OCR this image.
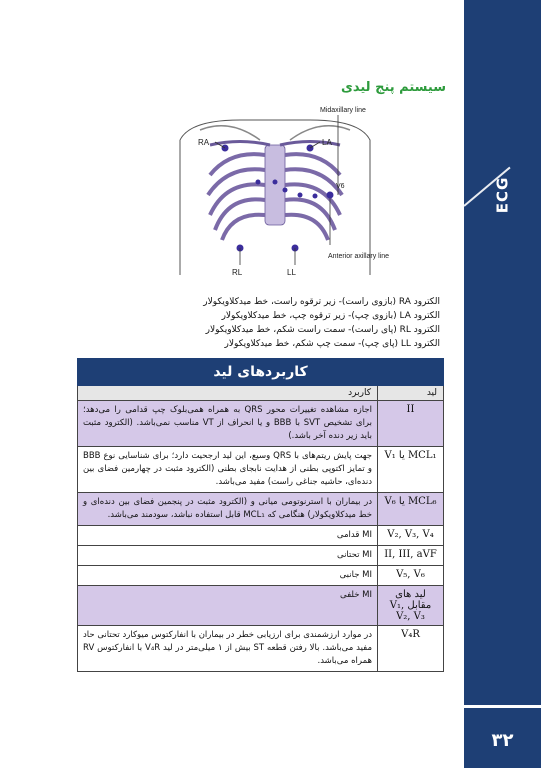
ECG
۳۲
سیستم پنج لیدی
Midaxillary line
RA	LA
V6
RL	LL
Anterior axillary line
الکترود RA (بازوی راست)- زیر ترقوه راست، خط میدکلاویکولار
الکترود LA (بازوی چپ)- زیر ترقوه چپ، خط میدکلاویکولار
الکترود RL (پای راست)- سمت راست شکم، خط میدکلاویکولار
الکترود LL (پای چپ)- سمت چپ شکم، خط میدکلاویکولار
کاربردهای لید	
لید	کاربرد
II	اجازه مشاهده تغییرات محور QRS به همراه همی‌بلوک چپ قدامی را می‌دهد؛ برای تشخیص SVT با BBB و یا انحراف از VT مناسب نمی‌باشد. (الکترود مثبت باید زیر دنده آخر باشد.)
MCL₁ یا V₁	جهت پایش ریتم‌های با QRS وسیع، این لید ارجحیت دارد؛ برای شناسایی نوع BBB و تمایز اکتوپی بطنی از هدایت نابجای بطنی (الکترود مثبت در چهارمین فضای بین دنده‌ای، حاشیه جناغی راست) مفید می‌باشد.
MCL₆ یا V₆	در بیماران با استرنوتومی میانی و (الکترود مثبت در پنجمین فضای بین دنده‌ای و خط میدکلاویکولار) هنگامی که MCL₁ قابل استفاده نباشد، سودمند می‌باشد.
V₂, V₃, V₄	MI قدامی
II, III, aVF	MI تحتانی
V₅, V₆	MI جانبی
لید های مقابل V₁, V₂, V₃	MI خلفی
V₄R	در موارد ارزشمندی برای ارزیابی خطر در بیماران با انفارکتوس میوکارد تحتانی حاد مفید می‌باشد. بالا رفتن قطعه ST بیش از ۱ میلی‌متر در لید V₄R با انفارکتوس RV همراه می‌باشد.
